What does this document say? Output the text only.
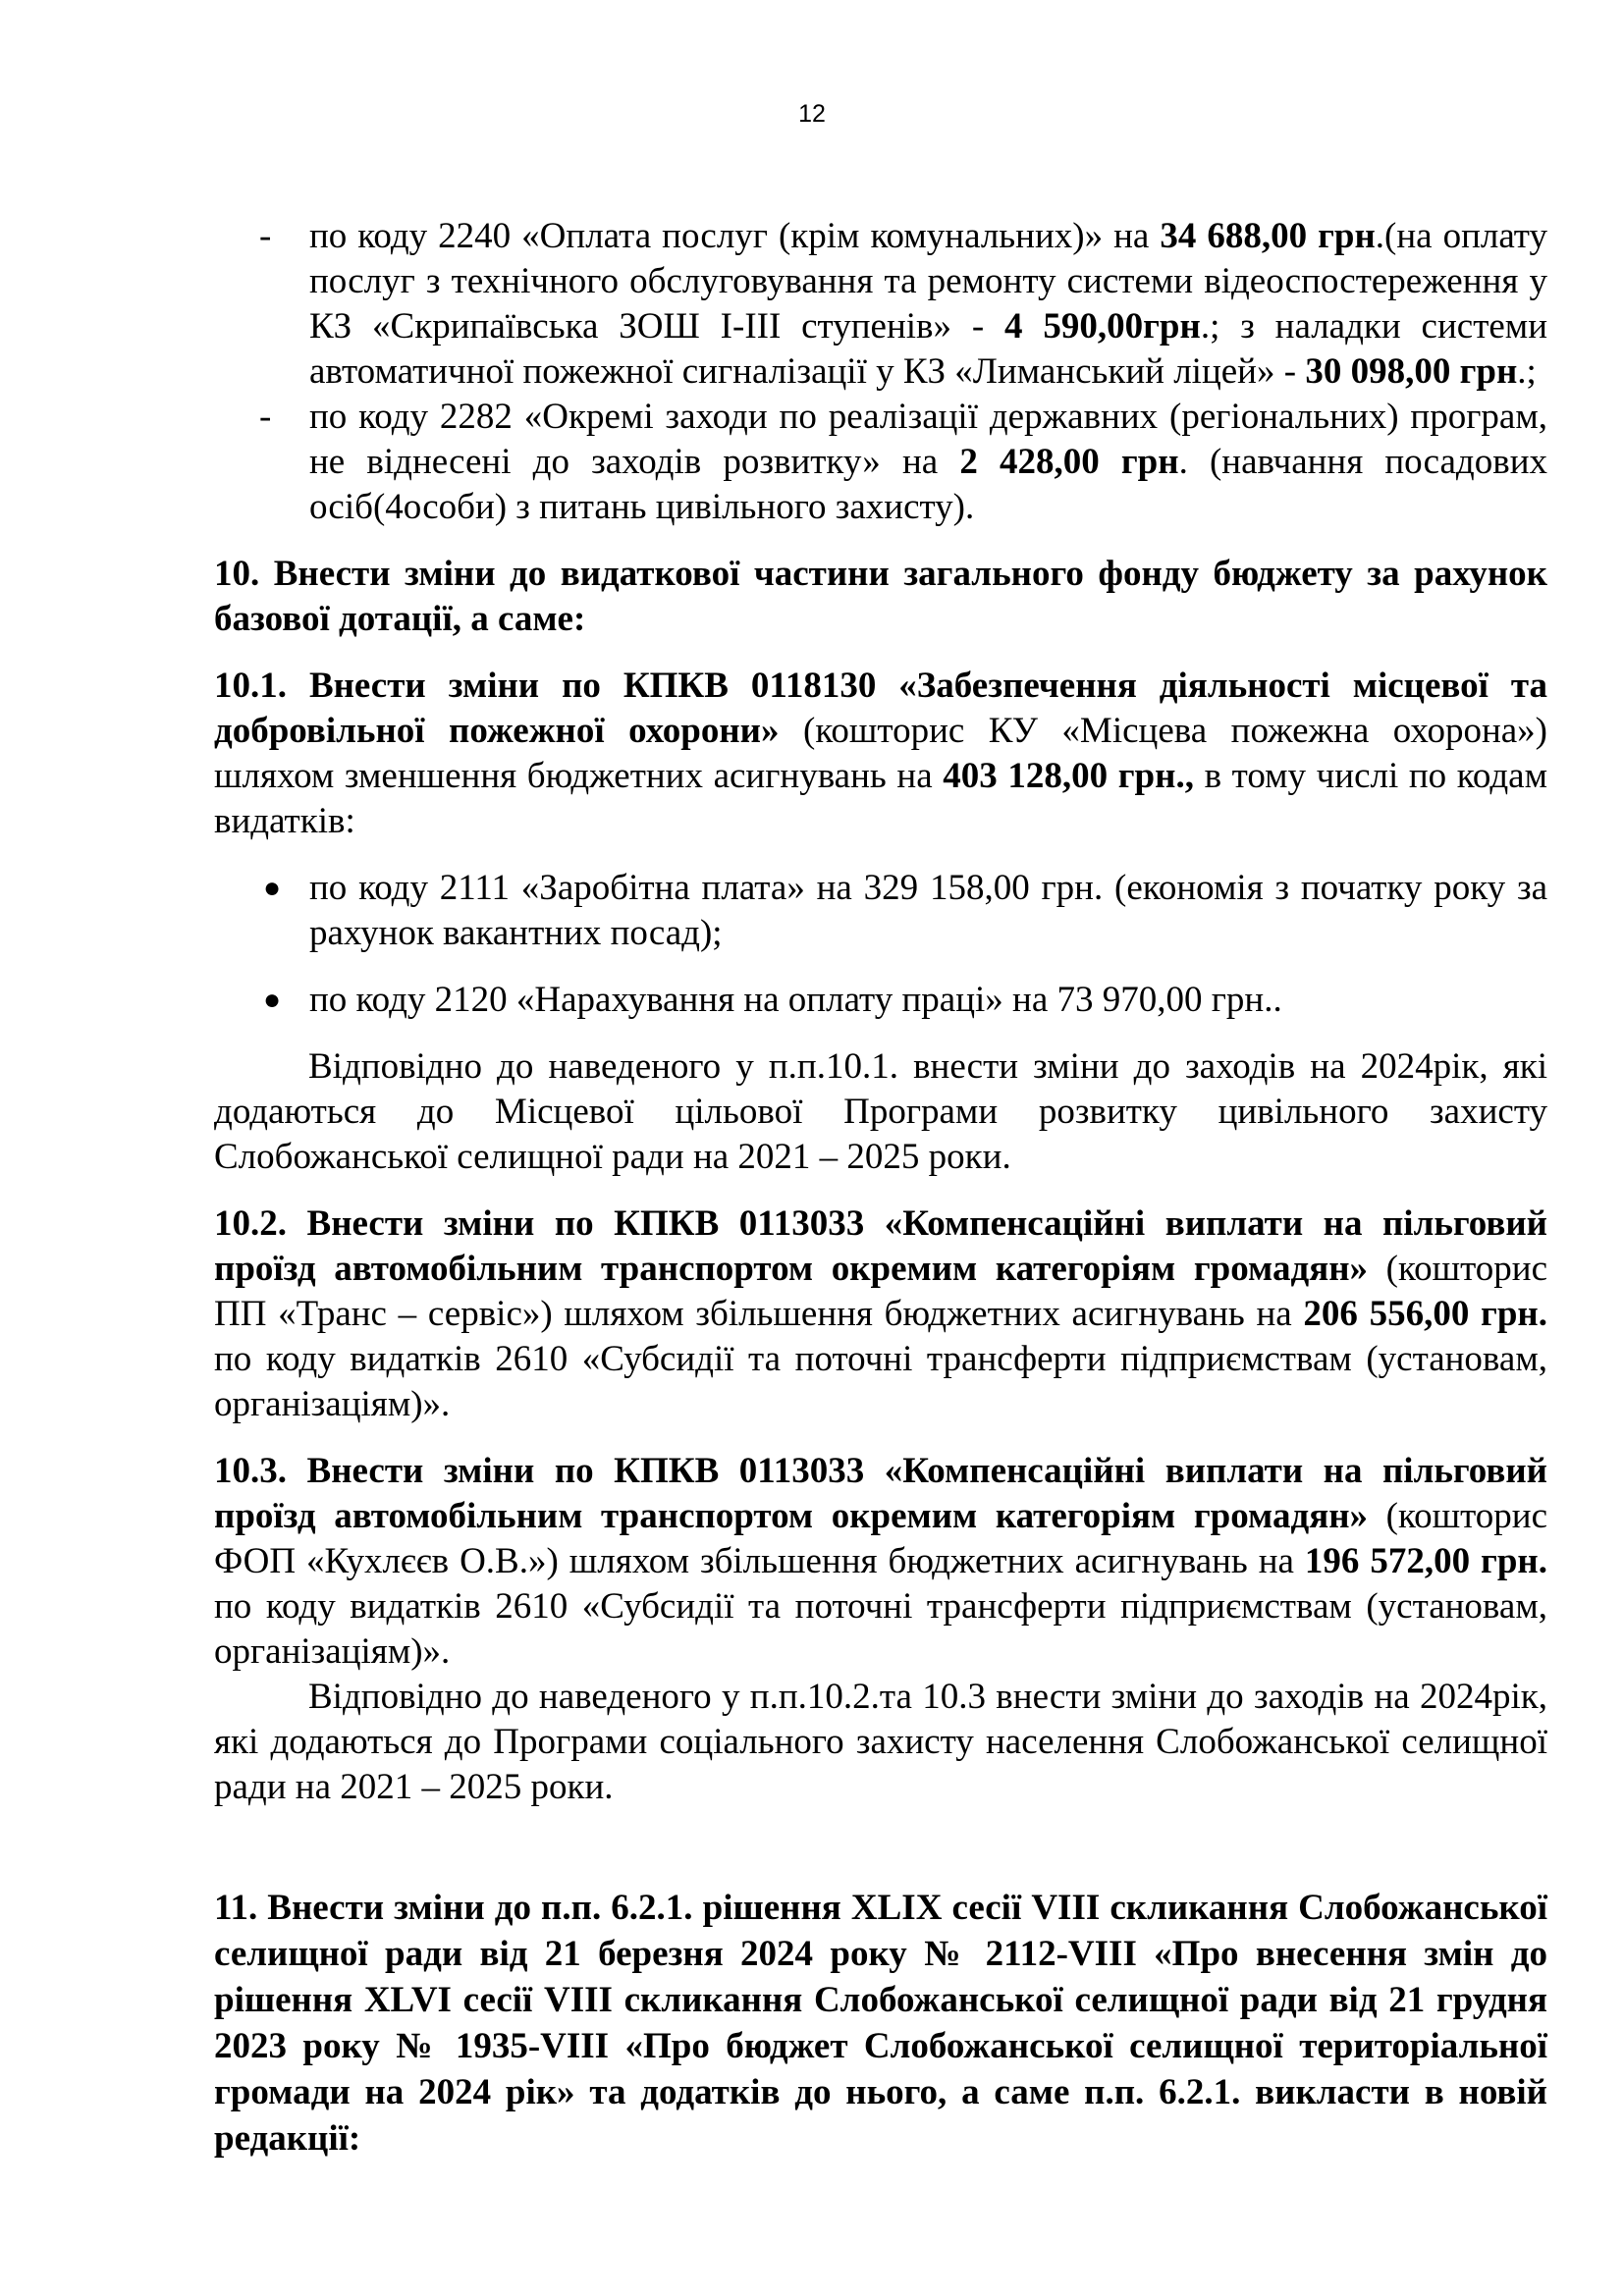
12
- по коду 2240 «Оплата послуг (крім комунальних)» на 34 688,00 грн.(на оплату послуг з технічного обслуговування та ремонту системи відеоспостереження у КЗ «Скрипаївська ЗОШ І-ІІІ ступенів» - 4 590,00грн.; з наладки системи автоматичної пожежної сигналізації у КЗ «Лиманський ліцей» - 30 098,00 грн.;
- по коду 2282 «Окремі заходи по реалізації державних (регіональних) програм, не віднесені до заходів розвитку» на 2 428,00 грн. (навчання посадових осіб(4особи) з питань цивільного захисту).

10. Внести зміни до видаткової частини загального фонду бюджету за рахунок базової дотації, а саме:

10.1. Внести зміни по КПКВ 0118130 «Забезпечення діяльності місцевої та добровільної пожежної охорони» (кошторис КУ «Місцева пожежна охорона») шляхом зменшення бюджетних асигнувань на 403 128,00 грн., в тому числі по кодам видатків:

● по коду 2111 «Заробітна плата» на 329 158,00 грн. (економія з початку року за рахунок вакантних посад);
● по коду 2120 «Нарахування на оплату праці» на 73 970,00 грн..

Відповідно до наведеного у п.п.10.1. внести зміни до заходів на 2024рік, які додаються до Місцевої цільової Програми розвитку цивільного захисту Слобожанської селищної ради на 2021 – 2025 роки.

10.2. Внести зміни по КПКВ 0113033 «Компенсаційні виплати на пільговий проїзд автомобільним транспортом окремим категоріям громадян» (кошторис ПП «Транс – сервіс») шляхом збільшення бюджетних асигнувань на 206 556,00 грн. по коду видатків 2610 «Субсидії та поточні трансферти підприємствам (установам, організаціям)».

10.3. Внести зміни по КПКВ 0113033 «Компенсаційні виплати на пільговий проїзд автомобільним транспортом окремим категоріям громадян» (кошторис ФОП «Кухлєєв О.В.») шляхом збільшення бюджетних асигнувань на 196 572,00 грн. по коду видатків 2610 «Субсидії та поточні трансферти підприємствам (установам, організаціям)».

Відповідно до наведеного у п.п.10.2.та 10.3 внести зміни до заходів на 2024рік, які додаються до Програми соціального захисту населення Слобожанської селищної ради на 2021 – 2025 роки.

11. Внести зміни до п.п. 6.2.1. рішення XLIX сесії VIII скликання Слобожанської селищної ради від 21 березня 2024 року № 2112-VIII «Про внесення змін до рішення XLVI сесії VIII скликання Слобожанської селищної ради від 21 грудня 2023 року № 1935-VIII «Про бюджет Слобожанської селищної територіальної громади на 2024 рік» та додатків до нього, а саме п.п. 6.2.1. викласти в новій редакції:
